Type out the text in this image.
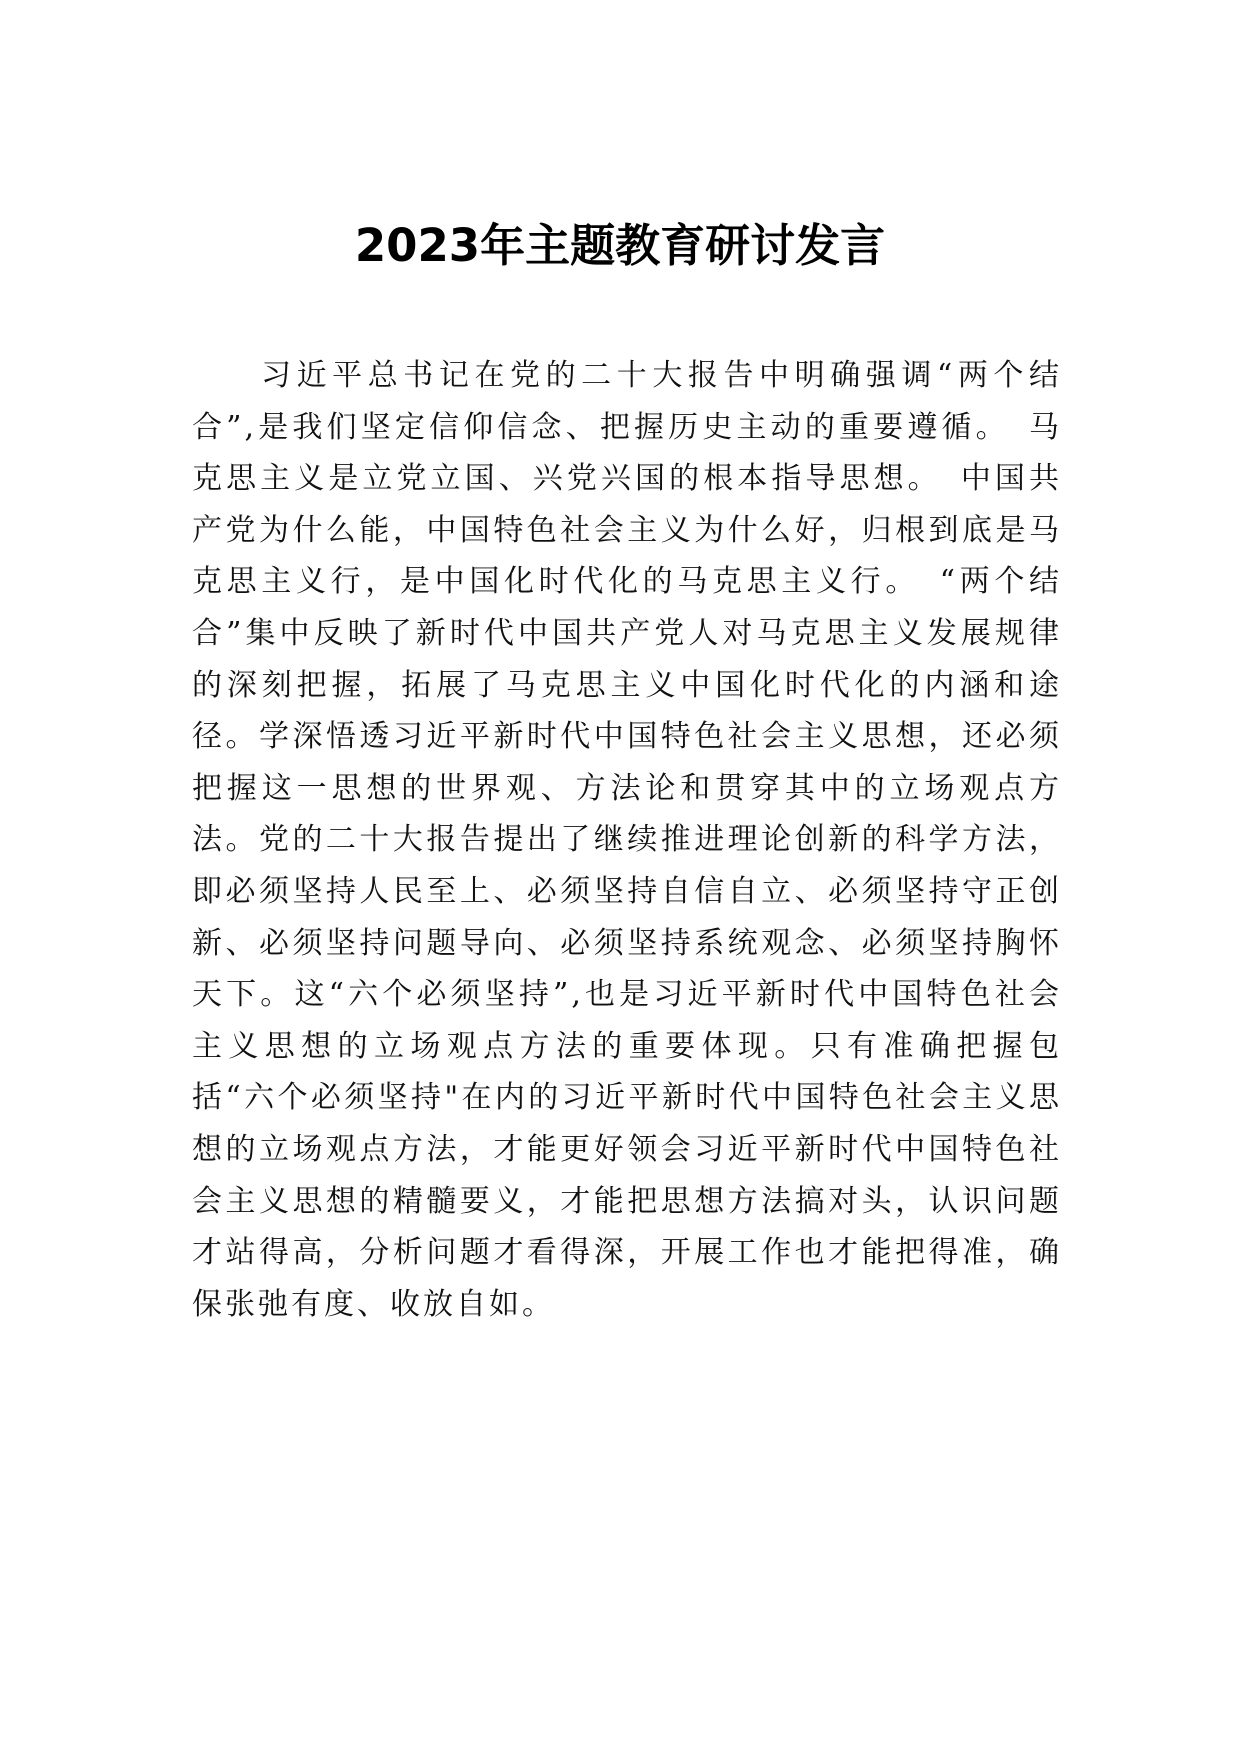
2023年主题教育研讨发言

习近平总书记在党的二十大报告中明确强调“两个结合”,是我们坚定信仰信念、把握历史主动的重要遵循。　马克思主义是立党立国、兴党兴国的根本指导思想。　中国共产党为什么能，中国特色社会主义为什么好，归根到底是马克思主义行，是中国化时代化的马克思主义行。　“两个结合”集中反映了新时代中国共产党人对马克思主义发展规律的深刻把握，拓展了马克思主义中国化时代化的内涵和途径。学深悟透习近平新时代中国特色社会主义思想，还必须把握这一思想的世界观、方法论和贯穿其中的立场观点方法。党的二十大报告提出了继续推进理论创新的科学方法，即必须坚持人民至上、必须坚持自信自立、必须坚持守正创新、必须坚持问题导向、必须坚持系统观念、必须坚持胸怀天下。这“六个必须坚持”,也是习近平新时代中国特色社会主义思想的立场观点方法的重要体现。只有准确把握包括“六个必须坚持"在内的习近平新时代中国特色社会主义思想的立场观点方法，才能更好领会习近平新时代中国特色社会主义思想的精髓要义，才能把思想方法搞对头，认识问题才站得高，分析问题才看得深，开展工作也才能把得准，确保张弛有度、收放自如。
